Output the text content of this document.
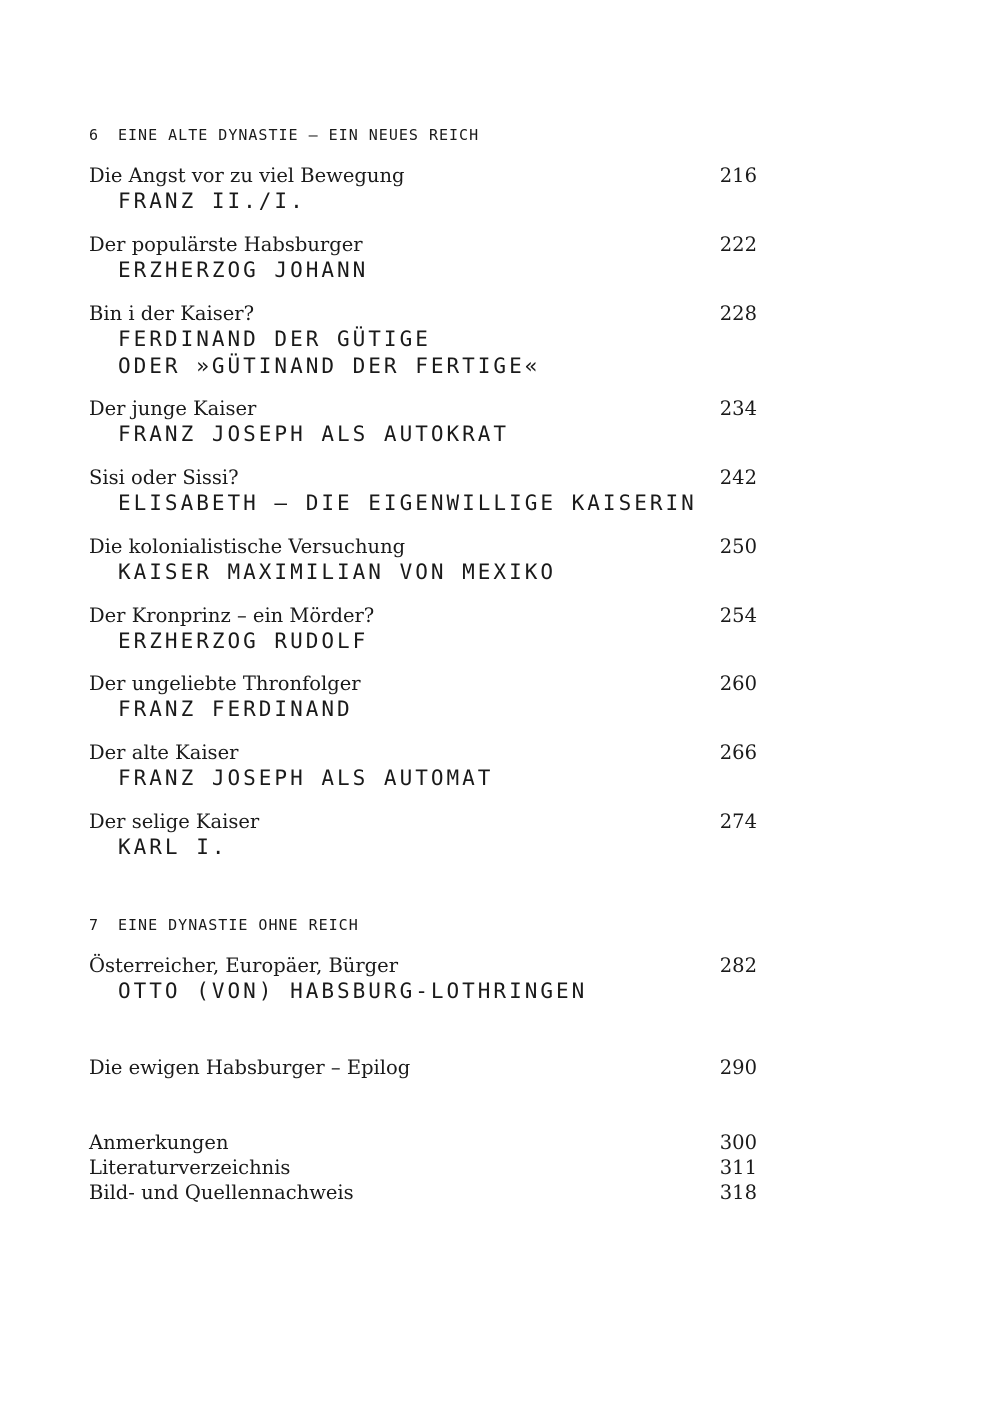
6 EINE ALTE DYNASTIE – EIN NEUES REICH
Die Angst vor zu viel Bewegung	216
FRANZ II./I.
Der populärste Habsburger	222
ERZHERZOG JOHANN
Bin i der Kaiser?	228
FERDINAND DER GÜTIGE
ODER »GÜTINAND DER FERTIGE«
Der junge Kaiser	234
FRANZ JOSEPH ALS AUTOKRAT
Sisi oder Sissi?	242
ELISABETH – DIE EIGENWILLIGE KAISERIN
Die kolonialistische Versuchung	250
KAISER MAXIMILIAN VON MEXIKO
Der Kronprinz – ein Mörder?	254
ERZHERZOG RUDOLF
Der ungeliebte Thronfolger	260
FRANZ FERDINAND
Der alte Kaiser	266
FRANZ JOSEPH ALS AUTOMAT
Der selige Kaiser	274
KARL I.
7 EINE DYNASTIE OHNE REICH
Österreicher, Europäer, Bürger	282
OTTO (VON) HABSBURG-LOTHRINGEN
Die ewigen Habsburger – Epilog	290
Anmerkungen	300
Literaturverzeichnis	311
Bild- und Quellennachweis	318
